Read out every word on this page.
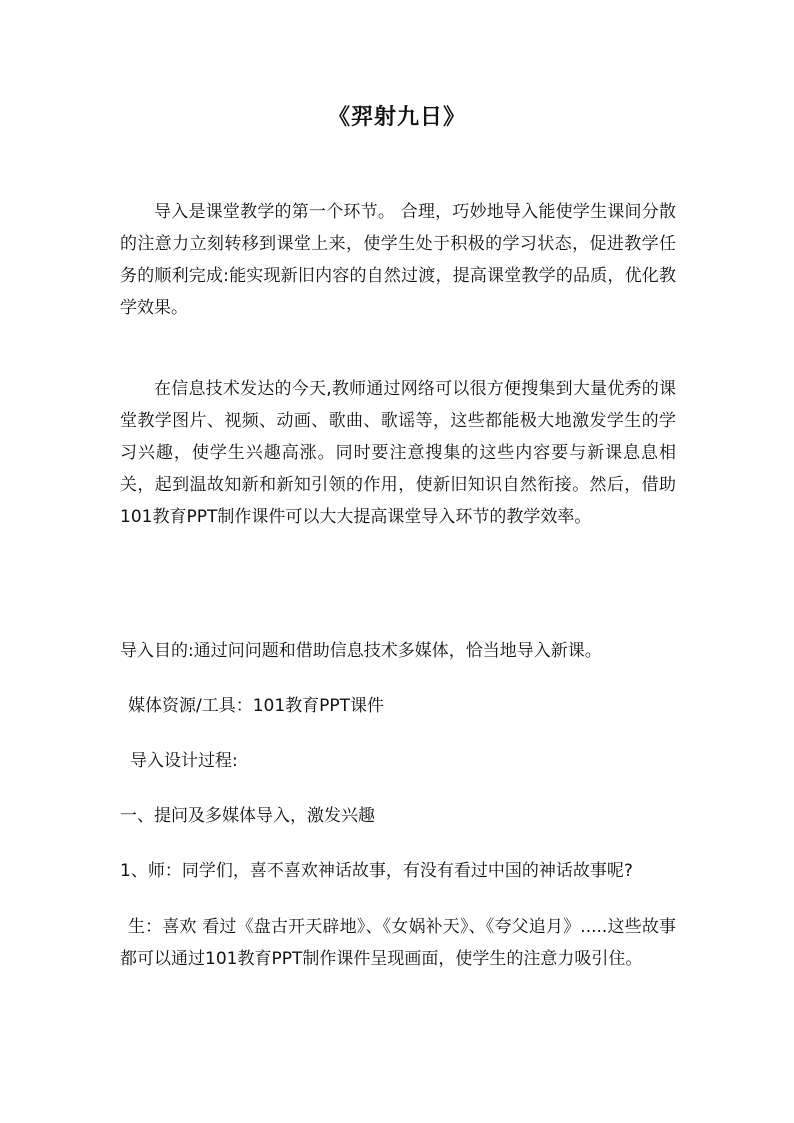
《羿射九日》

导入是课堂教学的第一个环节。 合理，巧妙地导入能使学生课间分散的注意力立刻转移到课堂上来，使学生处于积极的学习状态，促进教学任务的顺利完成:能实现新旧内容的自然过渡，提高课堂教学的品质，优化教学效果。

在信息技术发达的今天,教师通过网络可以很方便搜集到大量优秀的课堂教学图片、视频、动画、歌曲、歌谣等，这些都能极大地激发学生的学习兴趣，使学生兴趣高涨。同时要注意搜集的这些内容要与新课息息相关，起到温故知新和新知引领的作用，使新旧知识自然衔接。然后，借助101教育PPT制作课件可以大大提高课堂导入环节的教学效率。

导入目的:通过问问题和借助信息技术多媒体，恰当地导入新课。

媒体资源/工具：101教育PPT课件

导入设计过程:

一、提问及多媒体导入，激发兴趣

1、师：同学们，喜不喜欢神话故事，有没有看过中国的神话故事呢?

生：喜欢 看过《盘古开天辟地》、《女娲补天》、《夸父追月》.....这些故事都可以通过101教育PPT制作课件呈现画面，使学生的注意力吸引住。
